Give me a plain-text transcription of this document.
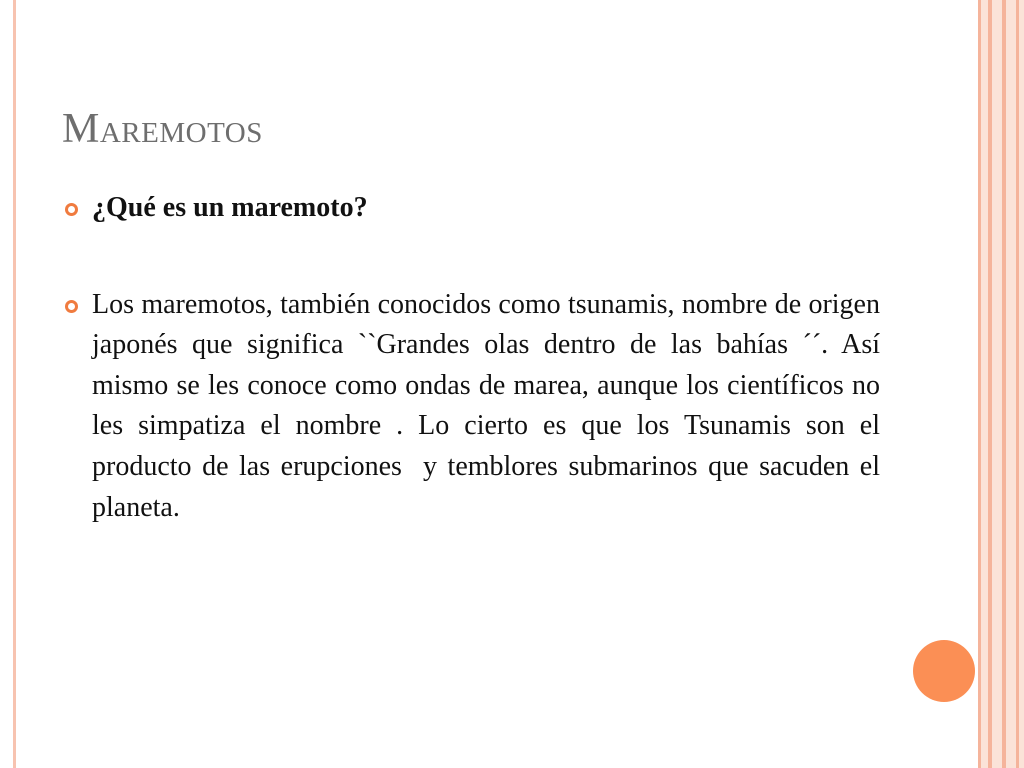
Maremotos
¿Qué es un maremoto?
Los maremotos, también conocidos como tsunamis, nombre de origen japonés que significa ``Grandes olas dentro de las bahías ´´. Así mismo se les conoce como ondas de marea, aunque los científicos no les simpatiza el nombre . Lo cierto es que los Tsunamis son el producto de las erupciones  y temblores submarinos que sacuden el planeta.
